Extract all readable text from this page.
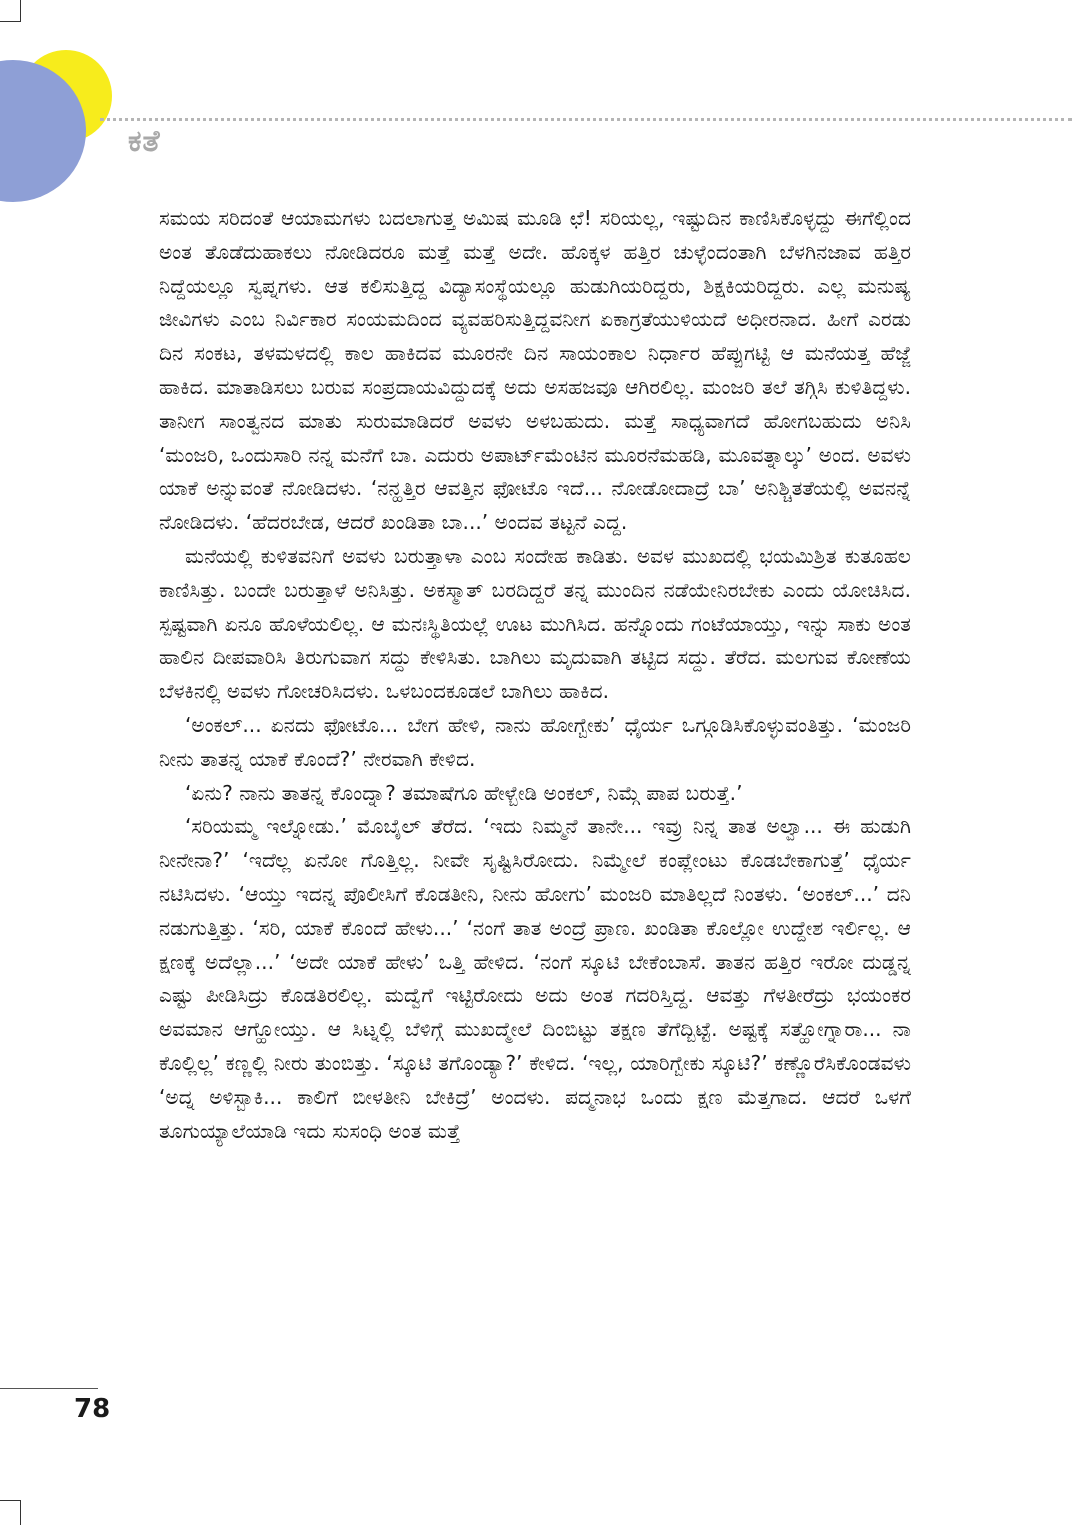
ಕತೆ

ಸಮಯ ಸರಿದಂತೆ ಆಯಾಮಗಳು ಬದಲಾಗುತ್ತ ಅಮಿಷ ಮೂಡಿ ಛೆ! ಸರಿಯಲ್ಲ, ಇಷ್ಟುದಿನ ಕಾಣಿಸಿಕೊಳ್ಳದ್ದು ಈಗೆಲ್ಲಿಂದ ಅಂತ ತೊಡೆದುಹಾಕಲು ನೋಡಿದರೂ ಮತ್ತೆ ಮತ್ತೆ ಅದೇ. ಹೊಕ್ಕಳ ಹತ್ತಿರ ಚುಳ್ಳೆಂದಂತಾಗಿ ಬೆಳಗಿನಜಾವ ಹತ್ತಿರ ನಿದ್ದೆಯಲ್ಲೂ ಸ್ವಪ್ನಗಳು. ಆತ ಕಲಿಸುತ್ತಿದ್ದ ವಿದ್ಯಾಸಂಸ್ಥೆಯಲ್ಲೂ ಹುಡುಗಿಯರಿದ್ದರು, ಶಿಕ್ಷಕಿಯರಿದ್ದರು. ಎಲ್ಲ ಮನುಷ್ಯ ಜೀವಿಗಳು ಎಂಬ ನಿರ್ವಿಕಾರ ಸಂಯಮದಿಂದ ವ್ಯವಹರಿಸುತ್ತಿದ್ದವನೀಗ ಏಕಾಗ್ರತೆಯುಳಿಯದೆ ಅಧೀರನಾದ. ಹೀಗೆ ಎರಡು ದಿನ ಸಂಕಟ, ತಳಮಳದಲ್ಲಿ ಕಾಲ ಹಾಕಿದವ ಮೂರನೇ ದಿನ ಸಾಯಂಕಾಲ ನಿರ್ಧಾರ ಹೆಪ್ಪುಗಟ್ಟಿ ಆ ಮನೆಯತ್ತ ಹೆಜ್ಜೆ ಹಾಕಿದ. ಮಾತಾಡಿಸಲು ಬರುವ ಸಂಪ್ರದಾಯವಿದ್ದುದಕ್ಕೆ ಅದು ಅಸಹಜವೂ ಆಗಿರಲಿಲ್ಲ. ಮಂಜರಿ ತಲೆ ತಗ್ಗಿಸಿ ಕುಳಿತಿದ್ದಳು. ತಾನೀಗ ಸಾಂತ್ವನದ ಮಾತು ಸುರುಮಾಡಿದರೆ ಅವಳು ಅಳಬಹುದು. ಮತ್ತೆ ಸಾಧ್ಯವಾಗದೆ ಹೋಗಬಹುದು ಅನಿಸಿ ‘ಮಂಜರಿ, ಒಂದುಸಾರಿ ನನ್ನ ಮನೆಗೆ ಬಾ. ಎದುರು ಅಪಾರ್ಟ್‌ಮೆಂಟಿನ ಮೂರನೆಮಹಡಿ, ಮೂವತ್ನಾಲ್ಕು’ ಅಂದ. ಅವಳು ಯಾಕೆ ಅನ್ನುವಂತೆ ನೋಡಿದಳು. ‘ನನ್ಹತ್ತಿರ ಆವತ್ತಿನ ಫೋಟೊ ಇದೆ... ನೋಡೋದಾದ್ರೆ ಬಾ’ ಅನಿಶ್ಚಿತತೆಯಲ್ಲಿ ಅವನನ್ನೆ ನೋಡಿದಳು. ‘ಹೆದರಬೇಡ, ಆದರೆ ಖಂಡಿತಾ ಬಾ...’ ಅಂದವ ತಟ್ಟನೆ ಎದ್ದ.

ಮನೆಯಲ್ಲಿ ಕುಳಿತವನಿಗೆ ಅವಳು ಬರುತ್ತಾಳಾ ಎಂಬ ಸಂದೇಹ ಕಾಡಿತು. ಅವಳ ಮುಖದಲ್ಲಿ ಭಯಮಿಶ್ರಿತ ಕುತೂಹಲ ಕಾಣಿಸಿತ್ತು. ಬಂದೇ ಬರುತ್ತಾಳೆ ಅನಿಸಿತ್ತು. ಅಕಸ್ಮಾತ್ ಬರದಿದ್ದರೆ ತನ್ನ ಮುಂದಿನ ನಡೆಯೇನಿರಬೇಕು ಎಂದು ಯೋಚಿಸಿದ. ಸ್ಪಷ್ಟವಾಗಿ ಏನೂ ಹೊಳೆಯಲಿಲ್ಲ. ಆ ಮನಃಸ್ಥಿತಿಯಲ್ಲೆ ಊಟ ಮುಗಿಸಿದ. ಹನ್ನೊಂದು ಗಂಟೆಯಾಯ್ತು, ಇನ್ನು ಸಾಕು ಅಂತ ಹಾಲಿನ ದೀಪವಾರಿಸಿ ತಿರುಗುವಾಗ ಸದ್ದು ಕೇಳಿಸಿತು. ಬಾಗಿಲು ಮೃದುವಾಗಿ ತಟ್ಟಿದ ಸದ್ದು. ತೆರೆದ. ಮಲಗುವ ಕೋಣೆಯ ಬೆಳಕಿನಲ್ಲಿ ಅವಳು ಗೋಚರಿಸಿದಳು. ಒಳಬಂದಕೂಡಲೆ ಬಾಗಿಲು ಹಾಕಿದ.

‘ಅಂಕಲ್... ಏನದು ಫೋಟೊ... ಬೇಗ ಹೇಳಿ, ನಾನು ಹೋಗ್ಬೇಕು’ ಧೈರ್ಯ ಒಗ್ಗೂಡಿಸಿಕೊಳ್ಳುವಂತಿತ್ತು. ‘ಮಂಜರಿ ನೀನು ತಾತನ್ನ ಯಾಕೆ ಕೊಂದೆ?’ ನೇರವಾಗಿ ಕೇಳಿದ.

‘ಏನು? ನಾನು ತಾತನ್ನ ಕೊಂದ್ನಾ? ತಮಾಷೆಗೂ ಹೇಳ್ಬೇಡಿ ಅಂಕಲ್, ನಿಮ್ಗೆ ಪಾಪ ಬರುತ್ತೆ.’

‘ಸರಿಯಮ್ಮ ಇಲ್ನೋಡು.’ ಮೊಬೈಲ್ ತೆರೆದ. ‘ಇದು ನಿಮ್ಮನೆ ತಾನೇ... ಇವ್ರು ನಿನ್ನ ತಾತ ಅಲ್ವಾ... ಈ ಹುಡುಗಿ ನೀನೇನಾ?’ ‘ಇದೆಲ್ಲ ಏನೋ ಗೊತ್ತಿಲ್ಲ. ನೀವೇ ಸೃಷ್ಟಿಸಿರೋದು. ನಿಮ್ಮೇಲೆ ಕಂಪ್ಲೇಂಟು ಕೊಡಬೇಕಾಗುತ್ತೆ’ ಧೈರ್ಯ ನಟಿಸಿದಳು. ‘ಆಯ್ತು ಇದನ್ನ ಪೊಲೀಸಿಗೆ ಕೊಡತೀನಿ, ನೀನು ಹೋಗು’ ಮಂಜರಿ ಮಾತಿಲ್ಲದೆ ನಿಂತಳು. ‘ಅಂಕಲ್...’ ದನಿ ನಡುಗುತ್ತಿತ್ತು. ‘ಸರಿ, ಯಾಕೆ ಕೊಂದೆ ಹೇಳು...’ ‘ನಂಗೆ ತಾತ ಅಂದ್ರೆ ಪ್ರಾಣ. ಖಂಡಿತಾ ಕೊಲ್ಲೋ ಉದ್ದೇಶ ಇರ್ಲಿಲ್ಲ. ಆ ಕ್ಷಣಕ್ಕೆ ಅದೆಲ್ಲಾ...’ ‘ಅದೇ ಯಾಕೆ ಹೇಳು’ ಒತ್ತಿ ಹೇಳಿದ. ‘ನಂಗೆ ಸ್ಕೂಟಿ ಬೇಕೆಂಬಾಸೆ. ತಾತನ ಹತ್ತಿರ ಇರೋ ದುಡ್ಡನ್ನ ಎಷ್ಟು ಪೀಡಿಸಿದ್ರು ಕೊಡತಿರಲಿಲ್ಲ. ಮದ್ವೆಗೆ ಇಟ್ಟಿರೋದು ಅದು ಅಂತ ಗದರಿಸ್ತಿದ್ದ. ಆವತ್ತು ಗೆಳತೀರೆದ್ರು ಭಯಂಕರ ಅವಮಾನ ಆಗ್ಹೋಯ್ತು. ಆ ಸಿಟ್ನಲ್ಲಿ ಬೆಳಿಗ್ಗೆ ಮುಖದ್ಮೇಲೆ ದಿಂಬಿಟ್ಟು ತಕ್ಷಣ ತೆಗೆದ್ಬಿಟ್ಟೆ. ಅಷ್ಟಕ್ಕೆ ಸತ್ಹೋಗ್ನಾರಾ... ನಾ ಕೊಲ್ಲಿಲ್ಲ’ ಕಣ್ಣಲ್ಲಿ ನೀರು ತುಂಬಿತ್ತು. ‘ಸ್ಕೂಟಿ ತಗೊಂಡ್ಯಾ?’ ಕೇಳಿದ. ‘ಇಲ್ಲ, ಯಾರಿಗ್ಬೇಕು ಸ್ಕೂಟಿ?’ ಕಣ್ಣೊರೆಸಿಕೊಂಡವಳು ‘ಅದ್ನ ಅಳಿಸ್ಬಾಕಿ... ಕಾಲಿಗೆ ಬೀಳತೀನಿ ಬೇಕಿದ್ರೆ’ ಅಂದಳು. ಪದ್ಮನಾಭ ಒಂದು ಕ್ಷಣ ಮೆತ್ತಗಾದ. ಆದರೆ ಒಳಗೆ ತೂಗುಯ್ಯಾಲೆಯಾಡಿ ಇದು ಸುಸಂಧಿ ಅಂತ ಮತ್ತೆ

78
